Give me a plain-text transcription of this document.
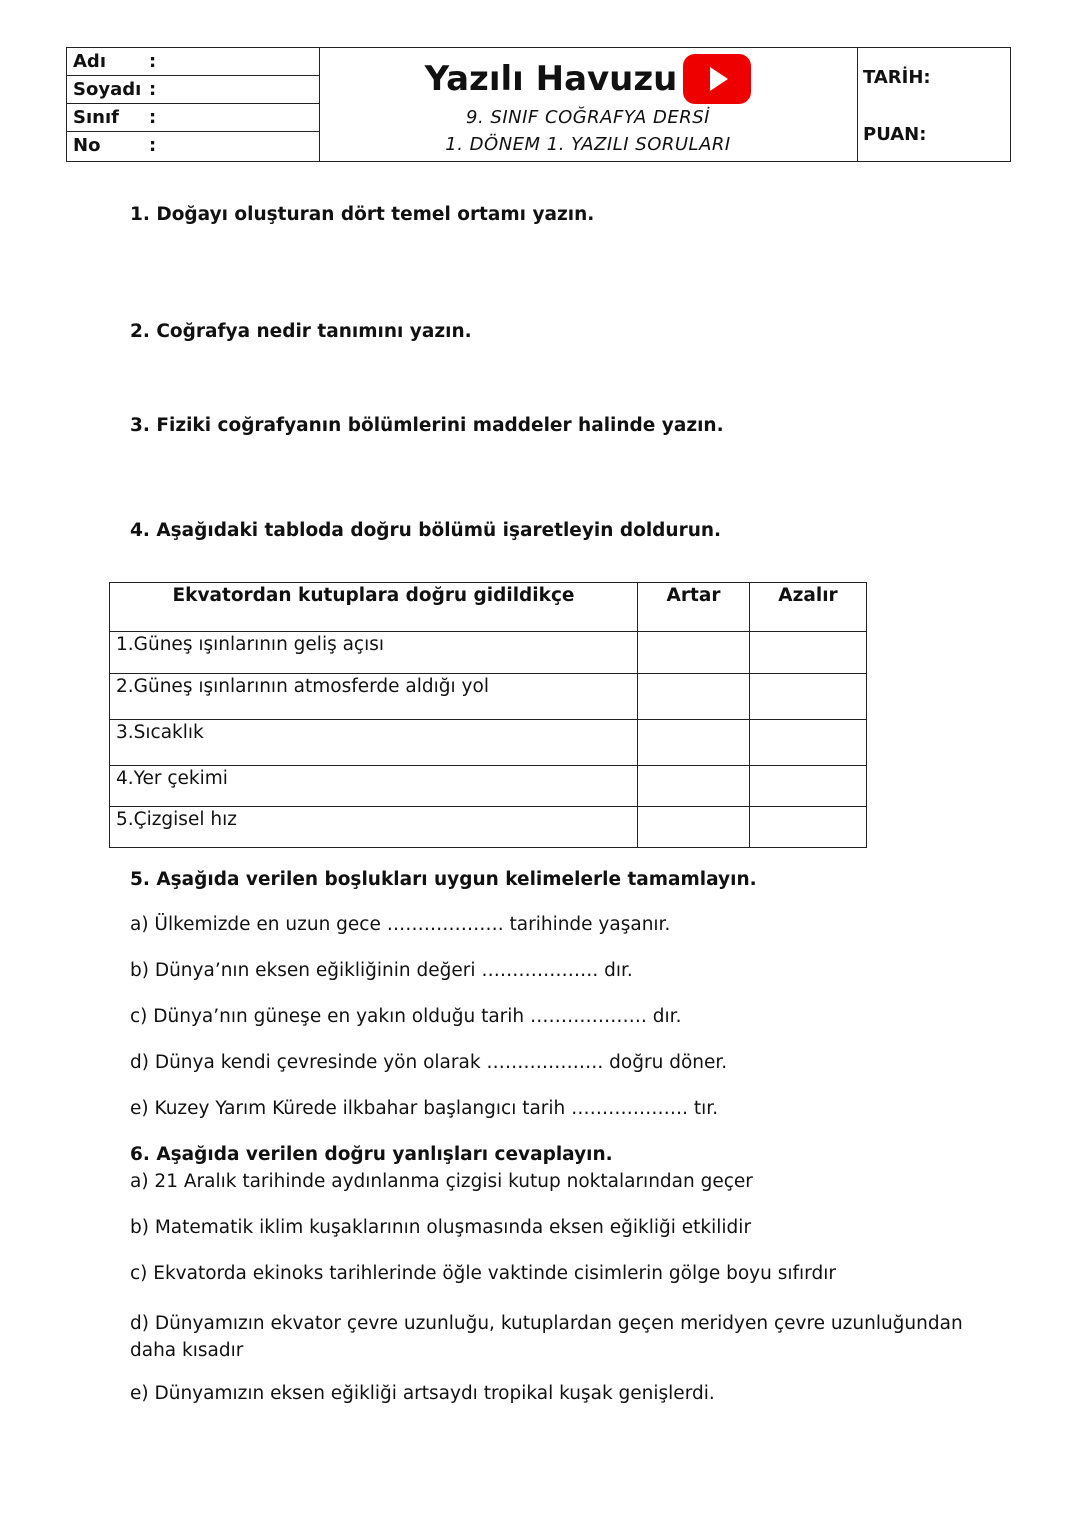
Adı :
Soyadı :
Sınıf :
No	:
Yazılı Havuzu
9. SINIF COĞRAFYA DERSİ
1. DÖNEM 1. YAZILI SORULARI
TARİH:
PUAN:
1. Doğayı oluşturan dört temel ortamı yazın.
2. Coğrafya nedir tanımını yazın.
3. Fiziki coğrafyanın bölümlerini maddeler halinde yazın.
4. Aşağıdaki tabloda doğru bölümü işaretleyin doldurun.
Ekvatordan kutuplara doğru gidildikçe	Artar	Azalır
1.Güneş ışınlarının geliş açısı		
2.Güneş ışınlarının atmosferde aldığı yol		
3.Sıcaklık		
4.Yer çekimi		
5.Çizgisel hız		
5. Aşağıda verilen boşlukları uygun kelimelerle tamamlayın.
a) Ülkemizde en uzun gece ………………. tarihinde yaşanır.
b) Dünya’nın eksen eğikliğinin değeri ………………. dır.
c) Dünya’nın güneşe en yakın olduğu tarih ………………. dır.
d) Dünya kendi çevresinde yön olarak ………………. doğru döner.
e) Kuzey Yarım Kürede ilkbahar başlangıcı tarih ………………. tır.
6. Aşağıda verilen doğru yanlışları cevaplayın.
a) 21 Aralık tarihinde aydınlanma çizgisi kutup noktalarından geçer
b) Matematik iklim kuşaklarının oluşmasında eksen eğikliği etkilidir
c) Ekvatorda ekinoks tarihlerinde öğle vaktinde cisimlerin gölge boyu sıfırdır
d) Dünyamızın ekvator çevre uzunluğu, kutuplardan geçen meridyen çevre uzunluğundan daha kısadır
e) Dünyamızın eksen eğikliği artsaydı tropikal kuşak genişlerdi.
